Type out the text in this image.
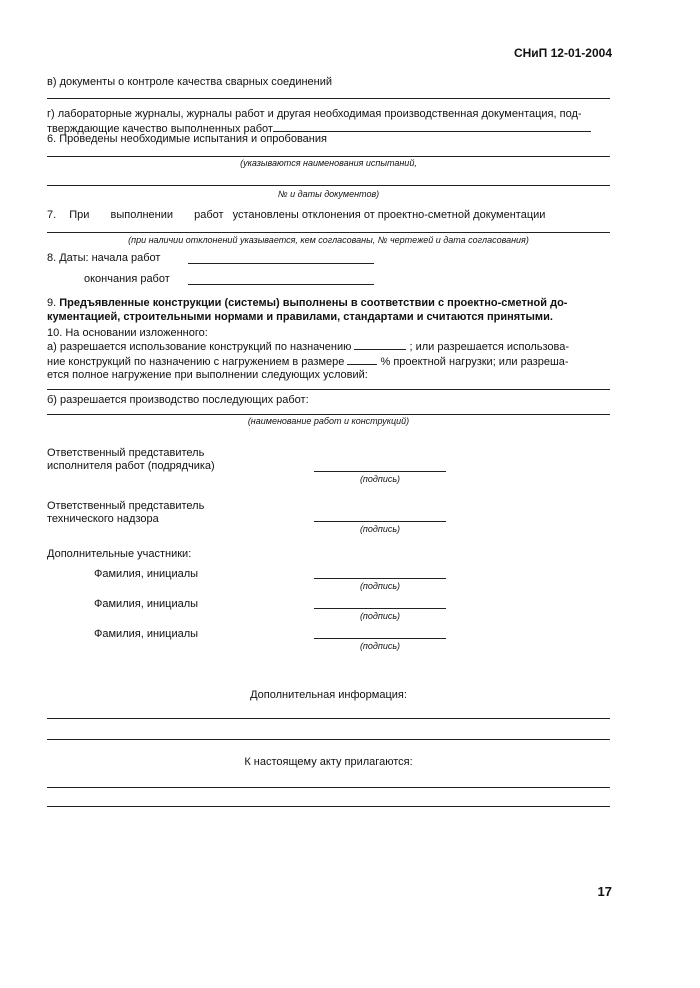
СНиП 12-01-2004
в) документы о контроле качества сварных соединений
г) лабораторные журналы, журналы работ и другая необходимая производственная документация, под-
тверждающие качество выполненных работ
6. Проведены необходимые испытания и опробования
(указываются наименования испытаний,
№ и даты документов)
7. При выполнении работ установлены отклонения от проектно-сметной документации
(при наличии отклонений указывается, кем согласованы, № чертежей и дата согласования)
8. Даты: начала работ
окончания работ
9. Предъявленные конструкции (системы) выполнены в соответствии с проектно-сметной до-
кументацией, строительными нормами и правилами, стандартами и считаются принятыми.
10. На основании изложенного:
а) разрешается использование конструкций по назначению	; или разрешается использова-
ние конструкций по назначению с нагружением в размере	% проектной нагрузки; или разреша-
ется полное нагружение при выполнении следующих условий:
б) разрешается производство последующих работ:
(наименование работ и конструкций)
Ответственный представитель
исполнителя работ (подрядчика)
(подпись)
Ответственный представитель
технического надзора
(подпись)
Дополнительные участники:
Фамилия, инициалы
(подпись)
Фамилия, инициалы
(подпись)
Фамилия, инициалы
(подпись)
Дополнительная информация:
К настоящему акту прилагаются:
17
